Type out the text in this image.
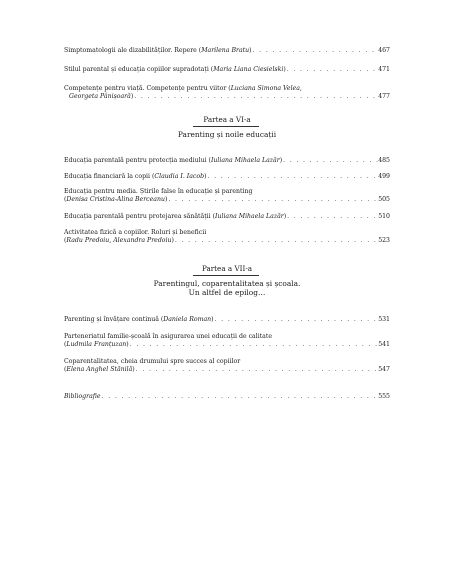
Simptomatologii ale dizabilităților. Repere (Marilena Bratu) . . .	467
Stilul parental și educația copiilor supradotați (Maria Liana Ciesielski) . . .	471
Competențe pentru viață. Competențe pentru viitor (Luciana Simona Velea,
Georgeta Pânișoară) . . .	477
Partea a VI-a
Parenting și noile educații
Educația parentală pentru protecția mediului (Iuliana Mihaela Lazăr) . . .	485
Educația financiară la copii (Claudia I. Iacob) . . .	499
Educația pentru media. Știrile false în educație și parenting
(Denisa Cristina-Alina Berceanu) . . .	505
Educația parentală pentru protejarea sănătății (Iuliana Mihaela Lazăr) . . .	510
Activitatea fizică a copiilor. Roluri și beneficii
(Radu Predoiu, Alexandra Predoiu) . . .	523
Partea a VII-a
Parentingul, coparentalitatea și școala.
Un altfel de epilog…
Parenting și învățare continuă (Daniela Roman) . . .	531
Parteneriatul familie-școală în asigurarea unei educații de calitate
(Ludmila Franțuzan) . . .	541
Coparentalitatea, cheia drumului spre succes al copiilor
(Elena Anghel Stănilă) . . .	547
Bibliografie . . .	555
